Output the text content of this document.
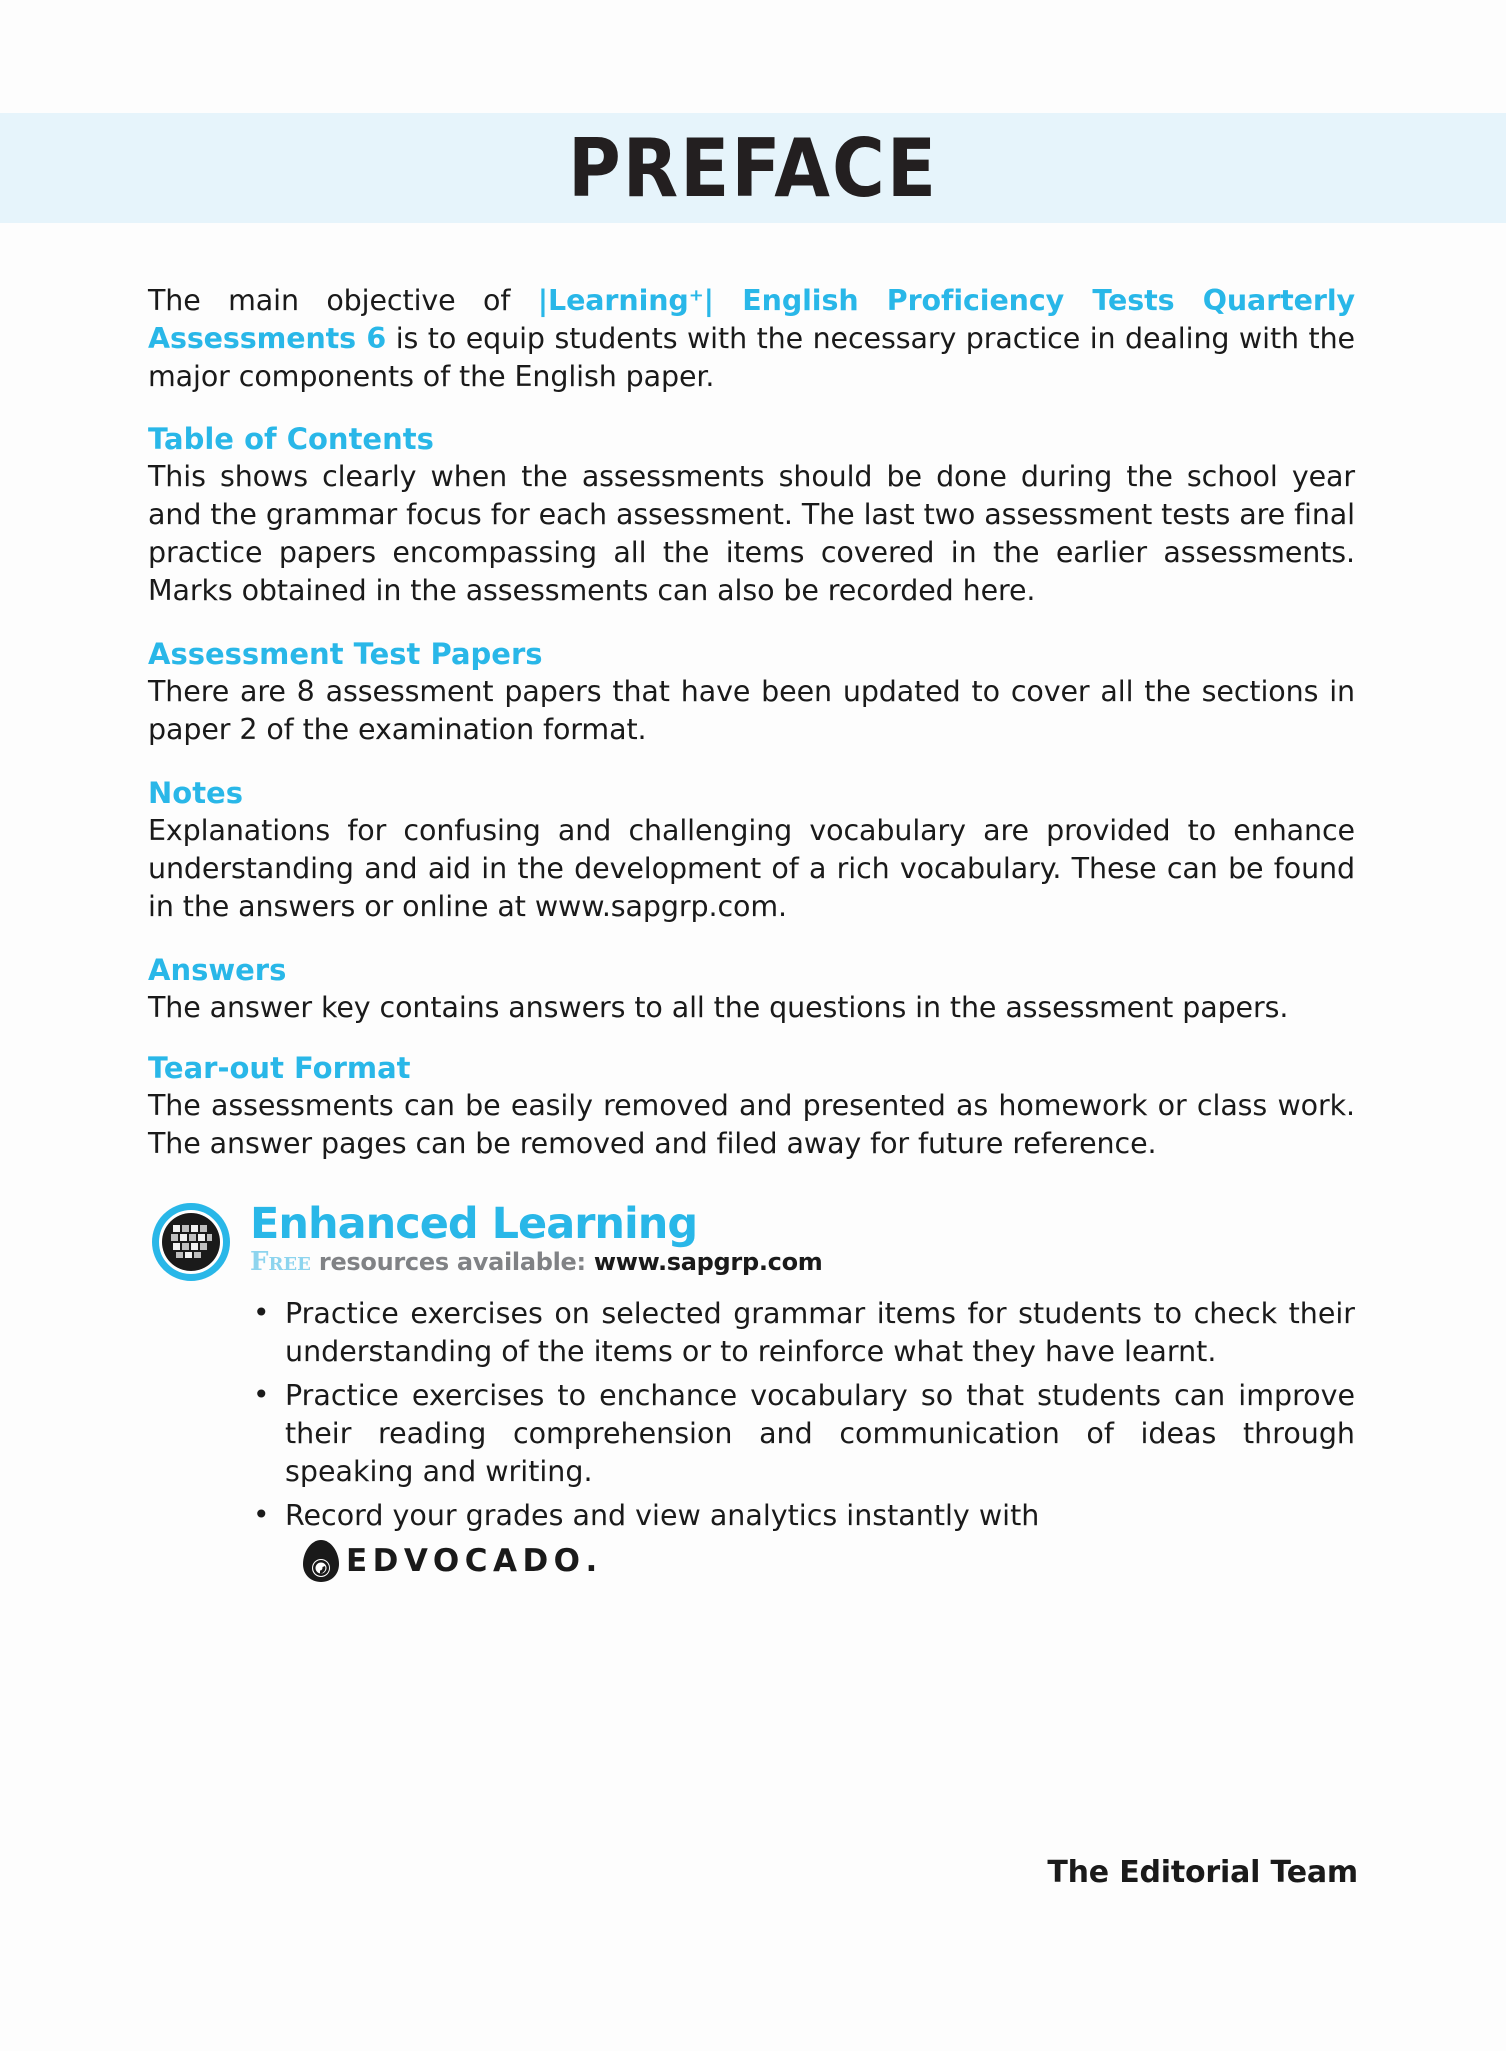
PREFACE

The main objective of |Learning⁺| English Proficiency Tests Quarterly Assessments 6 is to equip students with the necessary practice in dealing with the major components of the English paper.

Table of Contents

This shows clearly when the assessments should be done during the school year and the grammar focus for each assessment. The last two assessment tests are final practice papers encompassing all the items covered in the earlier assessments. Marks obtained in the assessments can also be recorded here.

Assessment Test Papers

There are 8 assessment papers that have been updated to cover all the sections in paper 2 of the examination format.

Notes

Explanations for confusing and challenging vocabulary are provided to enhance understanding and aid in the development of a rich vocabulary. These can be found in the answers or online at www.sapgrp.com.

Answers

The answer key contains answers to all the questions in the assessment papers.

Tear-out Format

The assessments can be easily removed and presented as homework or class work. The answer pages can be removed and filed away for future reference.

Enhanced Learning
Free resources available: www.sapgrp.com
• Practice exercises on selected grammar items for students to check their understanding of the items or to reinforce what they have learnt.
• Practice exercises to enchance vocabulary so that students can improve their reading comprehension and communication of ideas through speaking and writing.
• Record your grades and view analytics instantly with
EDVOCADO .
The Editorial Team
